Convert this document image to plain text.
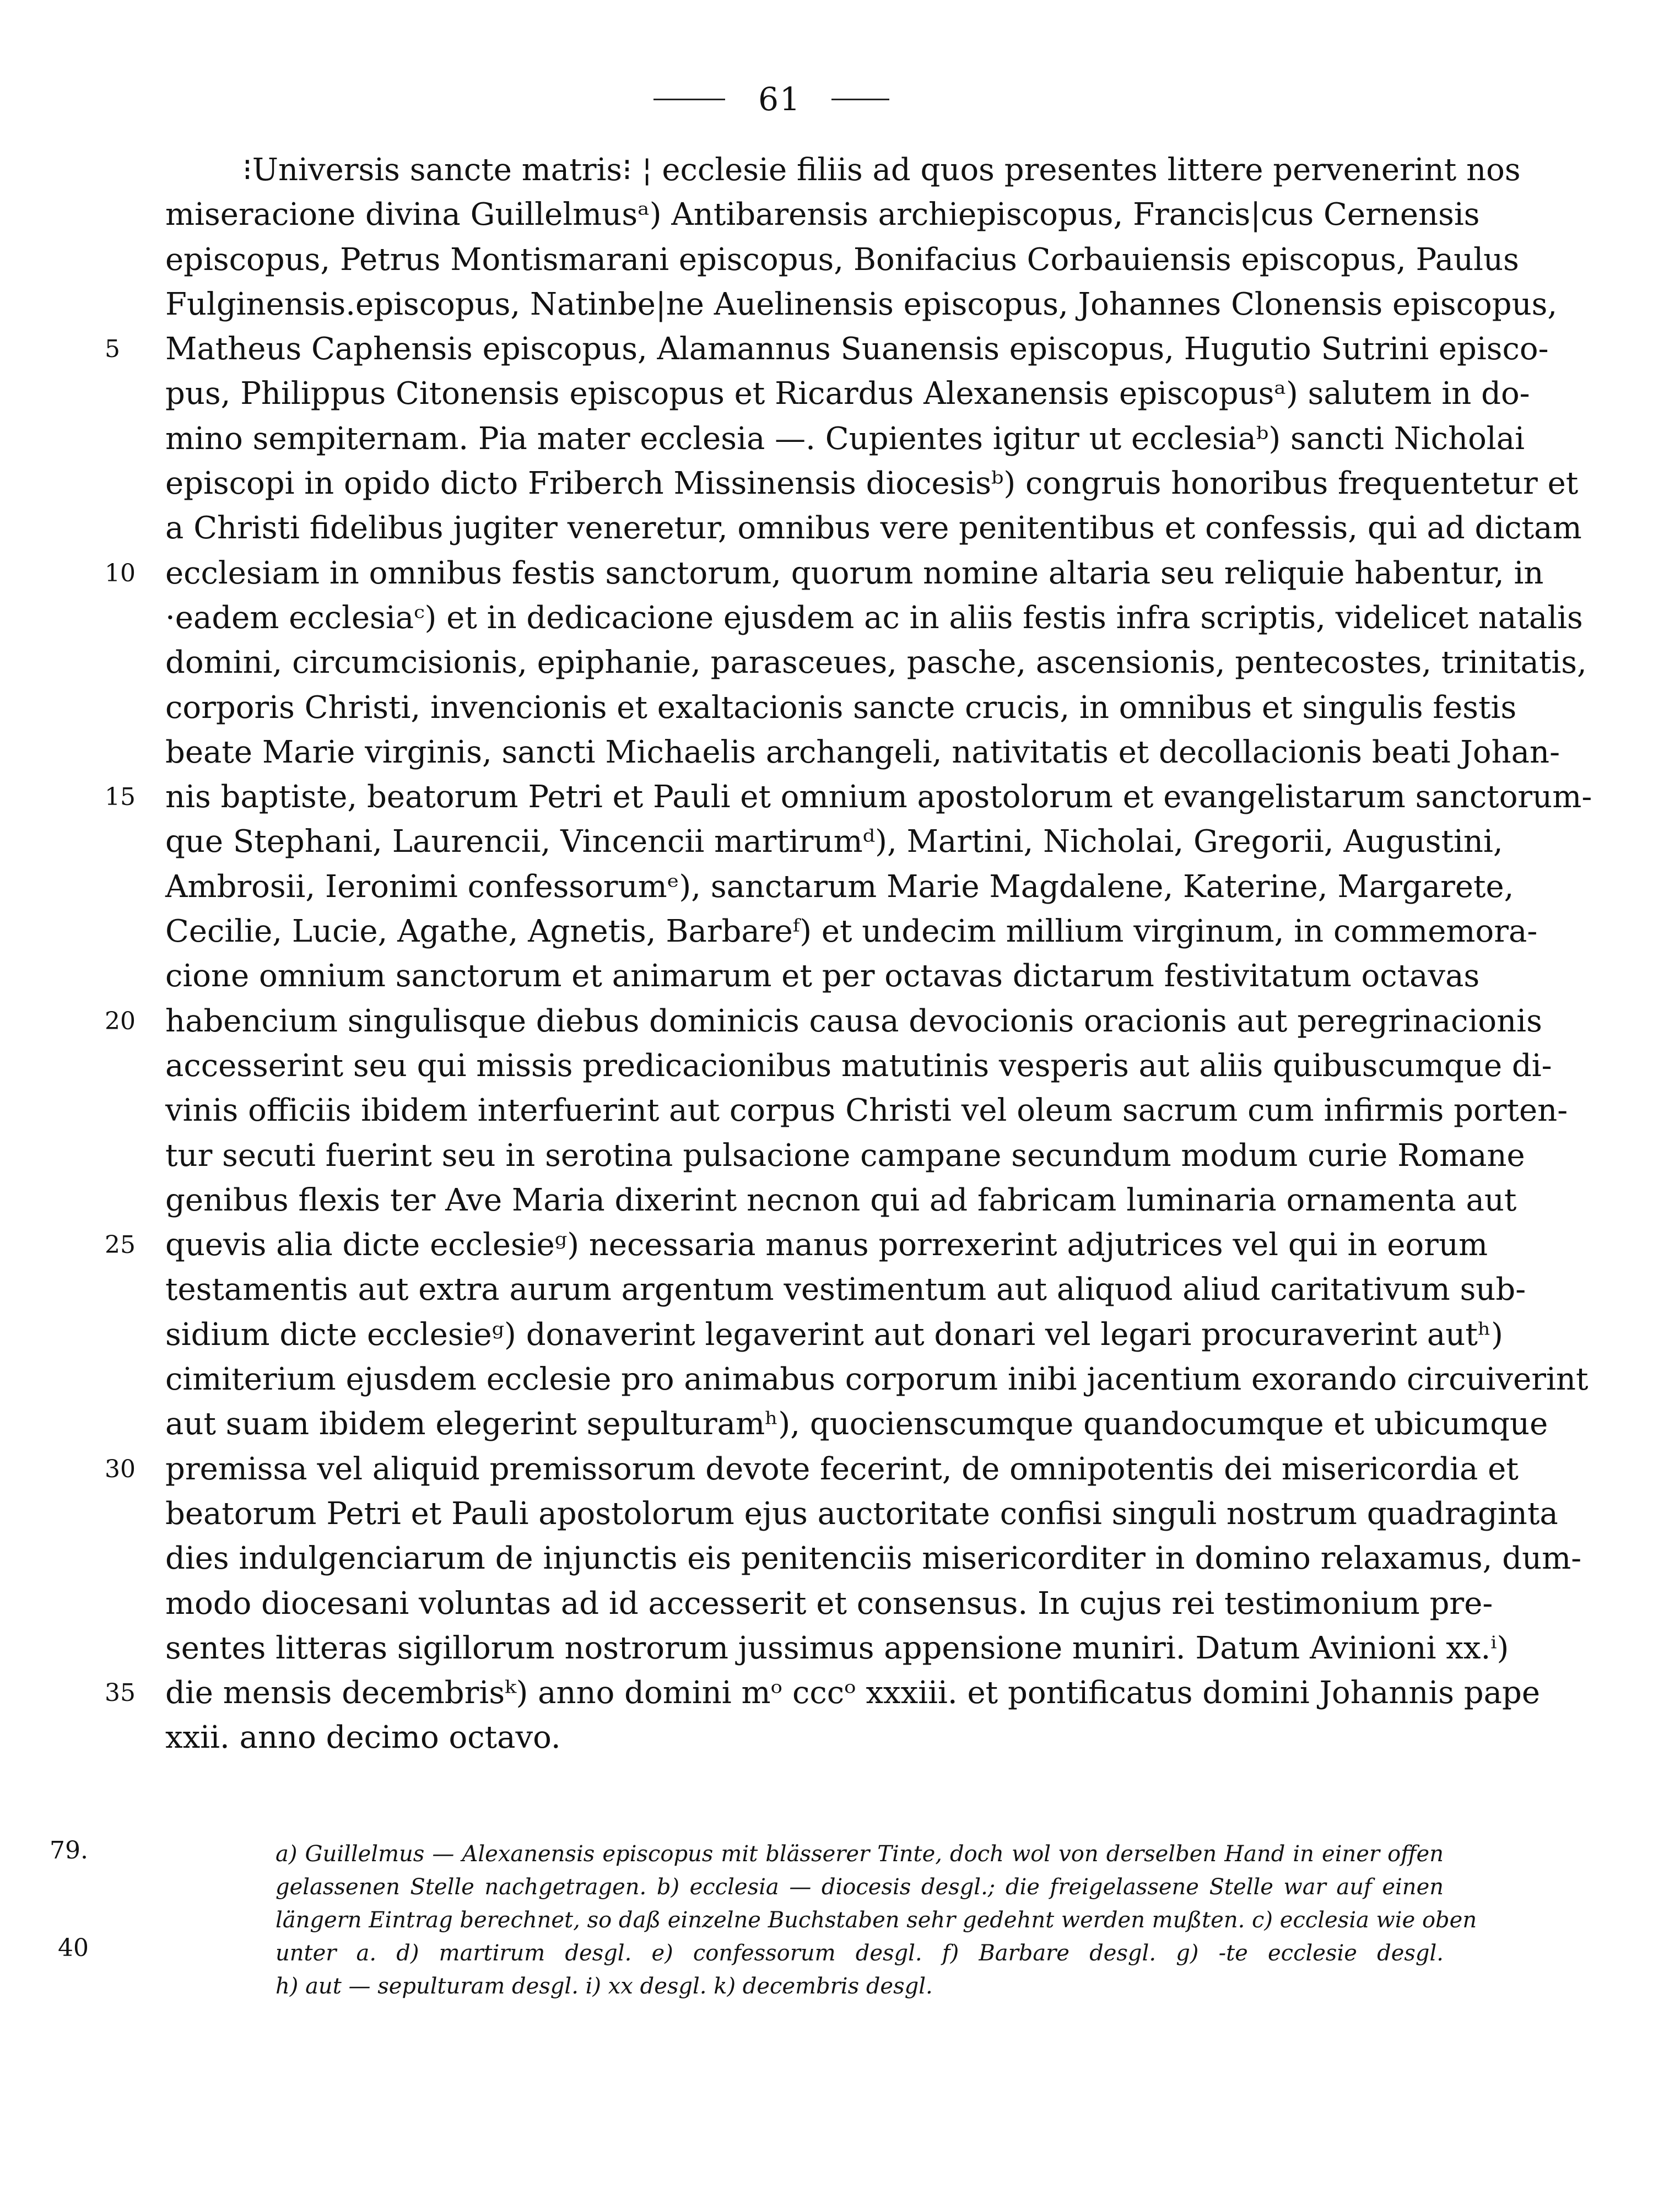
61
⁝Universis sancte matris⁝ ¦ ecclesie filiis ad quos presentes littere pervenerint nos
miseracione divina Guillelmusᵃ) Antibarensis archiepiscopus, Francis|cus Cernensis
episcopus, Petrus Montismarani episcopus, Bonifacius Corbauiensis episcopus, Paulus
Fulginensis.episcopus, Natinbe|ne Auelinensis episcopus, Johannes Clonensis episcopus,
5	Matheus Caphensis episcopus, Alamannus Suanensis episcopus, Hugutio Sutrini episco-
pus, Philippus Citonensis episcopus et Ricardus Alexanensis episcopusᵃ) salutem in do-
mino sempiternam. Pia mater ecclesia —. Cupientes igitur ut ecclesiaᵇ) sancti Nicholai
episcopi in opido dicto Friberch Missinensis diocesisᵇ) congruis honoribus frequentetur et
a Christi fidelibus jugiter veneretur, omnibus vere penitentibus et confessis, qui ad dictam
10 ecclesiam in omnibus festis sanctorum, quorum nomine altaria seu reliquie habentur, in
·eadem ecclesiaᶜ) et in dedicacione ejusdem ac in aliis festis infra scriptis, videlicet natalis
domini, circumcisionis, epiphanie, parasceues, pasche, ascensionis, pentecostes, trinitatis,
corporis Christi, invencionis et exaltacionis sancte crucis, in omnibus et singulis festis
beate Marie virginis, sancti Michaelis archangeli, nativitatis et decollacionis beati Johan-
15 nis baptiste, beatorum Petri et Pauli et omnium apostolorum et evangelistarum sanctorum-
que Stephani, Laurencii, Vincencii martirumᵈ), Martini, Nicholai, Gregorii, Augustini,
Ambrosii, Ieronimi confessorumᵉ), sanctarum Marie Magdalene, Katerine, Margarete,
Cecilie, Lucie, Agathe, Agnetis, Barbareᶠ) et undecim millium virginum, in commemora-
cione omnium sanctorum et animarum et per octavas dictarum festivitatum octavas
20 habencium singulisque diebus dominicis causa devocionis oracionis aut peregrinacionis
accesserint seu qui missis predicacionibus matutinis vesperis aut aliis quibuscumque di-
vinis officiis ibidem interfuerint aut corpus Christi vel oleum sacrum cum infirmis porten-
tur secuti fuerint seu in serotina pulsacione campane secundum modum curie Romane
genibus flexis ter Ave Maria dixerint necnon qui ad fabricam luminaria ornamenta aut
25 quevis alia dicte ecclesieᵍ) necessaria manus porrexerint adjutrices vel qui in eorum
testamentis aut extra aurum argentum vestimentum aut aliquod aliud caritativum sub-
sidium dicte ecclesieᵍ) donaverint legaverint aut donari vel legari procuraverint autʰ)
cimiterium ejusdem ecclesie pro animabus corporum inibi jacentium exorando circuiverint
aut suam ibidem elegerint sepulturamʰ), quocienscumque quandocumque et ubicumque
30 premissa vel aliquid premissorum devote fecerint, de omnipotentis dei misericordia et
beatorum Petri et Pauli apostolorum ejus auctoritate confisi singuli nostrum quadraginta
dies indulgenciarum de injunctis eis penitenciis misericorditer in domino relaxamus, dum-
modo diocesani voluntas ad id accesserit et consensus. In cujus rei testimonium pre-
sentes litteras sigillorum nostrorum jussimus appensione muniri. Datum Avinioni xx.ⁱ)
35 die mensis decembrisᵏ) anno domini mᵒ cccᵒ xxxiii. et pontificatus domini Johannis pape
xxii. anno decimo octavo.
79.
40
a) Guillelmus — Alexanensis episcopus mit blässerer Tinte, doch wol von derselben Hand in einer offen
gelassenen Stelle nachgetragen. b) ecclesia — diocesis desgl.; die freigelassene Stelle war auf einen
längern Eintrag berechnet, so daß einzelne Buchstaben sehr gedehnt werden mußten. c) ecclesia wie oben
unter a. d) martirum desgl. e) confessorum desgl. f) Barbare desgl. g) -te ecclesie desgl.
h) aut — sepulturam desgl. i) xx desgl. k) decembris desgl.
